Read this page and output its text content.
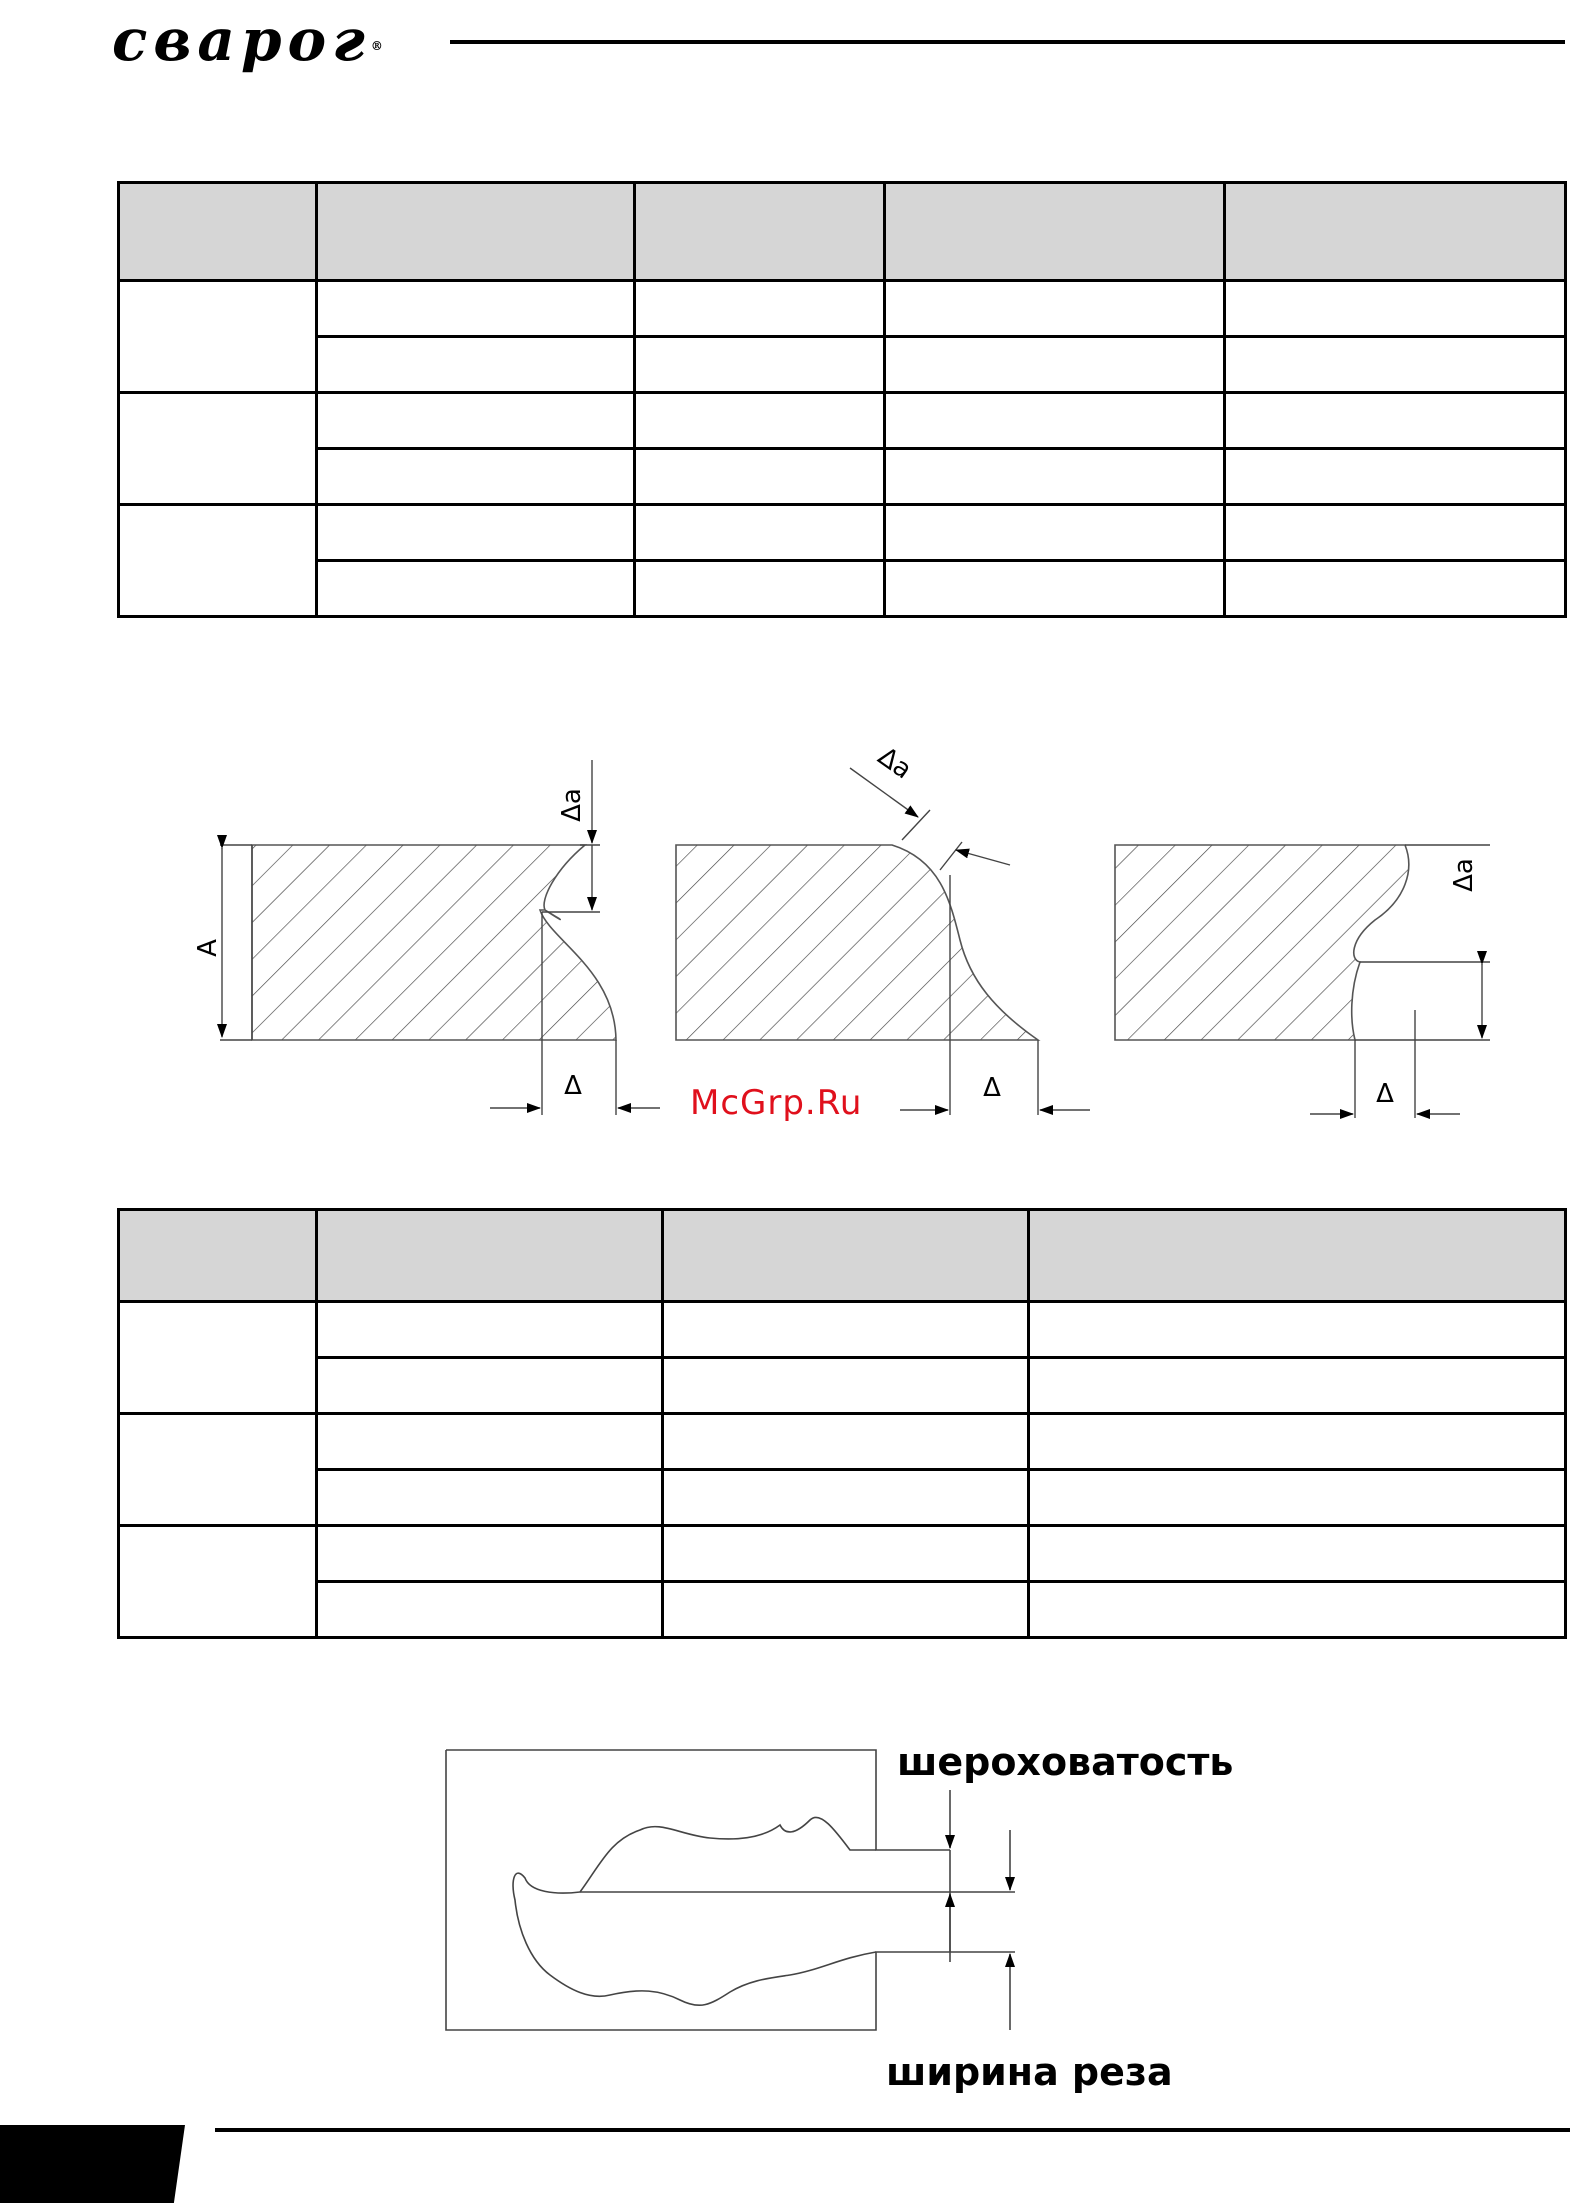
сварог®

A
Δa
Δ
Δa
Δ
Δa
Δ
McGrp.Ru

шероховатость
ширина реза
